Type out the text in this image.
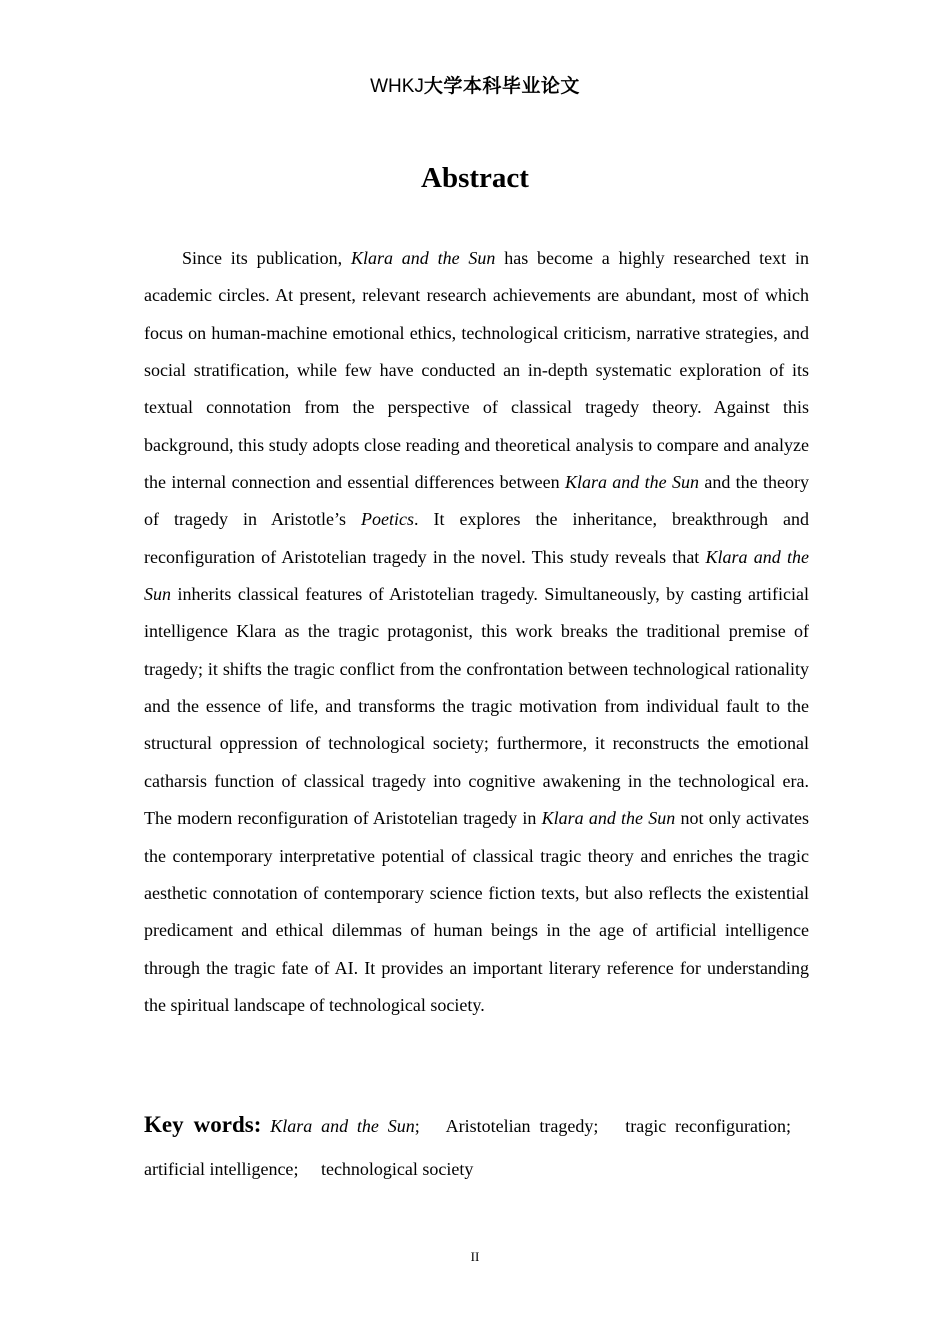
WHKJ大学本科毕业论文
Abstract

Since its publication, Klara and the Sun has become a highly researched text in academic circles. At present, relevant research achievements are abundant, most of which focus on human-machine emotional ethics, technological criticism, narrative strategies, and social stratification, while few have conducted an in-depth systematic exploration of its textual connotation from the perspective of classical tragedy theory. Against this background, this study adopts close reading and theoretical analysis to compare and analyze the internal connection and essential differences between Klara and the Sun and the theory of tragedy in Aristotle’s Poetics. It explores the inheritance, breakthrough and reconfiguration of Aristotelian tragedy in the novel. This study reveals that Klara and the Sun inherits classical features of Aristotelian tragedy. Simultaneously, by casting artificial intelligence Klara as the tragic protagonist, this work breaks the traditional premise of tragedy; it shifts the tragic conflict from the confrontation between technological rationality and the essence of life, and transforms the tragic motivation from individual fault to the structural oppression of technological society; furthermore, it reconstructs the emotional catharsis function of classical tragedy into cognitive awakening in the technological era. The modern reconfiguration of Aristotelian tragedy in Klara and the Sun not only activates the contemporary interpretative potential of classical tragic theory and enriches the tragic aesthetic connotation of contemporary science fiction texts, but also reflects the existential predicament and ethical dilemmas of human beings in the age of artificial intelligence through the tragic fate of AI. It provides an important literary reference for understanding the spiritual landscape of technological society.

Key words: Klara and the Sun;  Aristotelian tragedy;  tragic reconfiguration;  artificial intelligence;  technological society
II
